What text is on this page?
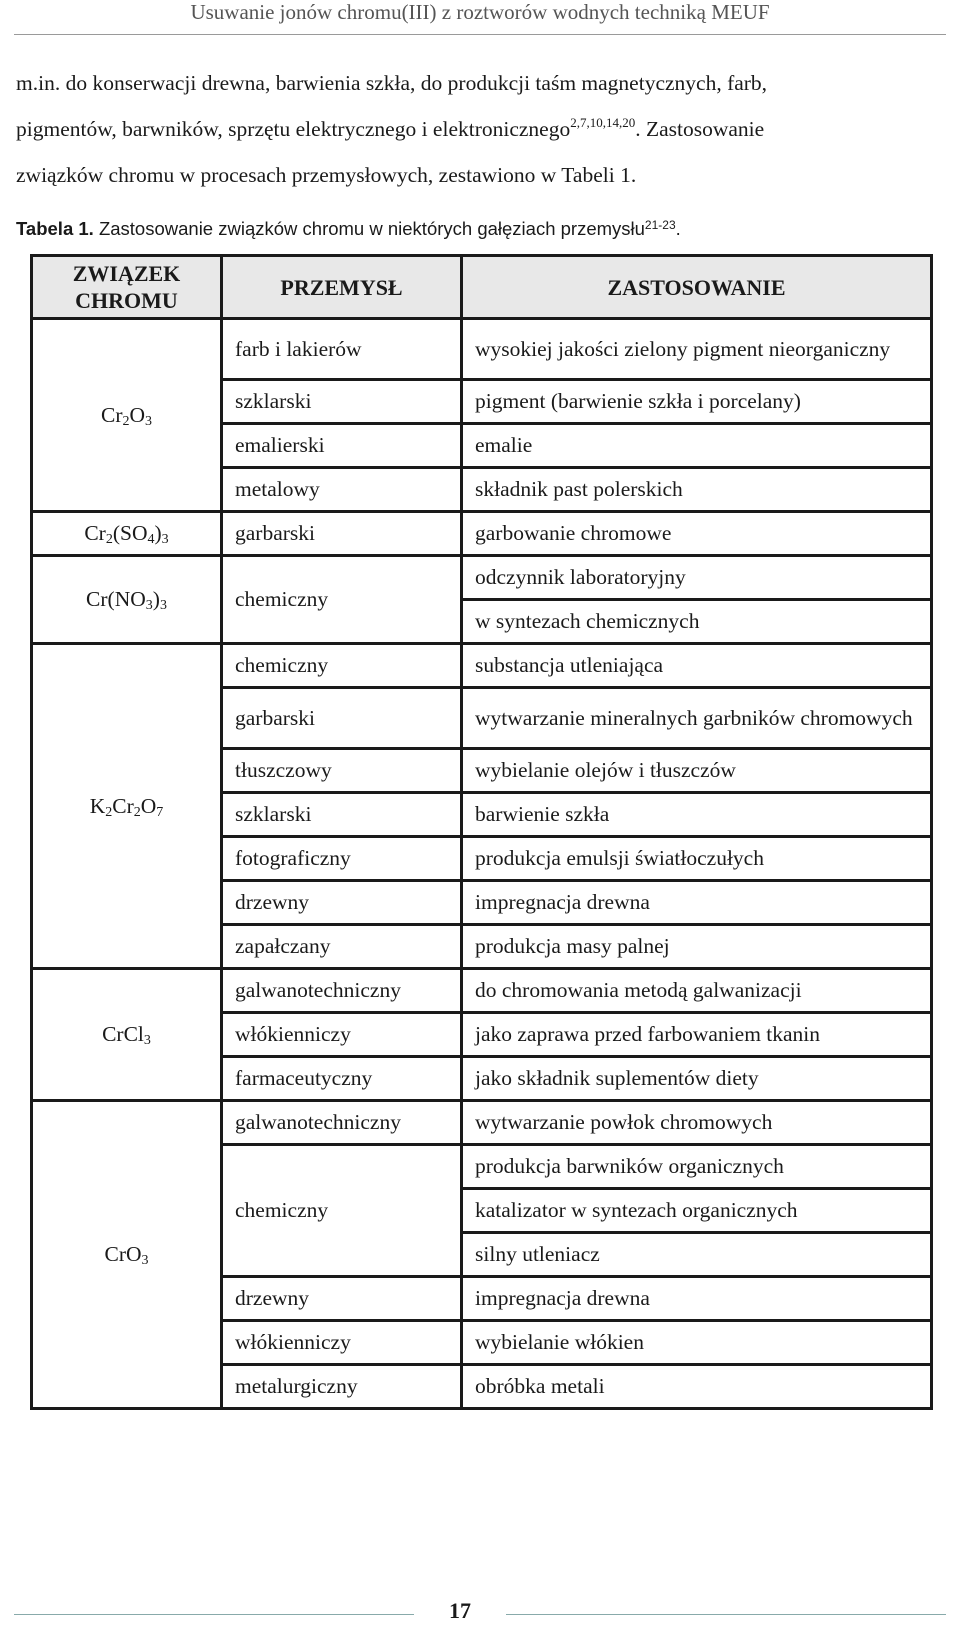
Usuwanie jonów chromu(III) z roztworów wodnych techniką MEUF
m.in. do konserwacji drewna, barwienia szkła, do produkcji taśm magnetycznych, farb,
pigmentów, barwników, sprzętu elektrycznego i elektronicznego$^{2,7,10,14,20}$. Zastosowanie
związków chromu w procesach przemysłowych, zestawiono w Tabeli 1.
Tabela 1. Zastosowanie związków chromu w niektórych gałęziach przemysłu$^{21-23}$.
ZWIĄZEK CHROMU	PRZEMYSŁ	ZASTOSOWANIE
$Cr_2O_3$	farb i lakierów	wysokiej jakości zielony pigment nieorganiczny
	szklarski	pigment (barwienie szkła i porcelany)
	emalierski	emalie
	metalowy	składnik past polerskich
$Cr_2(SO_4)_3$	garbarski	garbowanie chromowe
$Cr(NO_3)_3$	chemiczny	odczynnik laboratoryjny
		w syntezach chemicznych
$K_2Cr_2O_7$	chemiczny	substancja utleniająca
	garbarski	wytwarzanie mineralnych garbników chromowych
	tłuszczowy	wybielanie olejów i tłuszczów
	szklarski	barwienie szkła
	fotograficzny	produkcja emulsji światłoczułych
	drzewny	impregnacja drewna
	zapałczany	produkcja masy palnej
CrCl$_3$	galwanotechniczny	do chromowania metodą galwanizacji
	włókienniczy	jako zaprawa przed farbowaniem tkanin
	farmaceutyczny	jako składnik suplementów diety
CrO$_3$	galwanotechniczny	wytwarzanie powłok chromowych
	chemiczny	produkcja barwników organicznych
		katalizator w syntezach organicznych
		silny utleniacz
	drzewny	impregnacja drewna
	włókienniczy	wybielanie włókien
	metalurgiczny	obróbka metali
17
